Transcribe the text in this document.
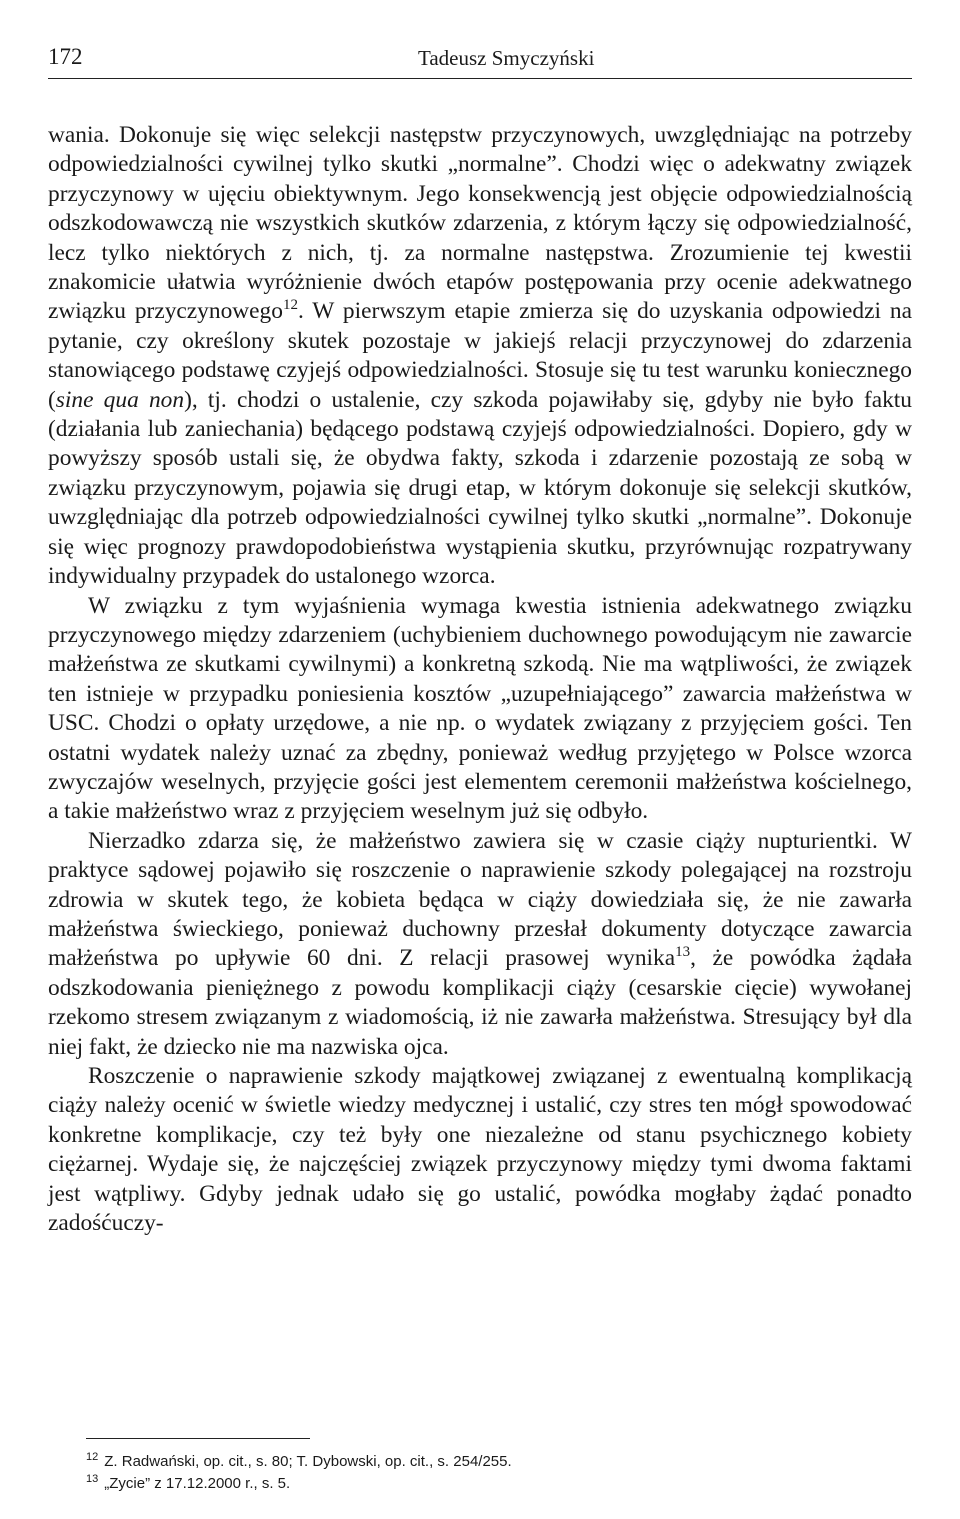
172	Tadeusz Smyczyński

wania. Dokonuje się więc selekcji następstw przyczynowych, uwzględniając na potrzeby odpowiedzialności cywilnej tylko skutki „normalne”. Chodzi więc o adekwatny związek przyczynowy w ujęciu obiektywnym. Jego konsekwencją jest objęcie odpowiedzialnością odszkodowawczą nie wszystkich skutków zdarzenia, z którym łączy się odpowiedzialność, lecz tylko niektórych z nich, tj. za normalne następstwa. Zrozumienie tej kwestii znakomicie ułatwia wyróżnienie dwóch etapów postępowania przy ocenie adekwatnego związku przyczynowego$^{12}$. W pierwszym etapie zmierza się do uzyskania odpowiedzi na pytanie, czy określony skutek pozostaje w jakiejś relacji przyczynowej do zdarzenia stanowiącego podstawę czyjejś odpowiedzialności. Stosuje się tu test warunku koniecznego (sine qua non), tj. chodzi o ustalenie, czy szkoda pojawiłaby się, gdyby nie było faktu (działania lub zaniechania) będącego podstawą czyjejś odpowiedzialności. Dopiero, gdy w powyższy sposób ustali się, że obydwa fakty, szkoda i zdarzenie pozostają ze sobą w związku przyczynowym, pojawia się drugi etap, w którym dokonuje się selekcji skutków, uwzględniając dla potrzeb odpowiedzialności cywilnej tylko skutki „normalne”. Dokonuje się więc prognozy prawdopodobieństwa wystąpienia skutku, przyrównując rozpatrywany indywidualny przypadek do ustalonego wzorca.

W związku z tym wyjaśnienia wymaga kwestia istnienia adekwatnego związku przyczynowego między zdarzeniem (uchybieniem duchownego powodującym nie zawarcie małżeństwa ze skutkami cywilnymi) a konkretną szkodą. Nie ma wątpliwości, że związek ten istnieje w przypadku poniesienia kosztów „uzupełniającego” zawarcia małżeństwa w USC. Chodzi o opłaty urzędowe, a nie np. o wydatek związany z przyjęciem gości. Ten ostatni wydatek należy uznać za zbędny, ponieważ według przyjętego w Polsce wzorca zwyczajów weselnych, przyjęcie gości jest elementem ceremonii małżeństwa kościelnego, a takie małżeństwo wraz z przyjęciem weselnym już się odbyło.

Nierzadko zdarza się, że małżeństwo zawiera się w czasie ciąży nupturientki. W praktyce sądowej pojawiło się roszczenie o naprawienie szkody polegającej na rozstroju zdrowia w skutek tego, że kobieta będąca w ciąży dowiedziała się, że nie zawarła małżeństwa świeckiego, ponieważ duchowny przesłał dokumenty dotyczące zawarcia małżeństwa po upływie 60 dni. Z relacji prasowej wynika$^{13}$, że powódka żądała odszkodowania pieniężnego z powodu komplikacji ciąży (cesarskie cięcie) wywołanej rzekomo stresem związanym z wiadomością, iż nie zawarła małżeństwa. Stresujący był dla niej fakt, że dziecko nie ma nazwiska ojca.

Roszczenie o naprawienie szkody majątkowej związanej z ewentualną komplikacją ciąży należy ocenić w świetle wiedzy medycznej i ustalić, czy stres ten mógł spowodować konkretne komplikacje, czy też były one niezależne od stanu psychicznego kobiety ciężarnej. Wydaje się, że najczęściej związek przyczynowy między tymi dwoma faktami jest wątpliwy. Gdyby jednak udało się go ustalić, powódka mogłaby żądać ponadto zadośćuczy-

$^{12}$ Z. Radwański, op. cit., s. 80; T. Dybowski, op. cit., s. 254/255.
$^{13}$ „Zycie” z 17.12.2000 r., s. 5.
